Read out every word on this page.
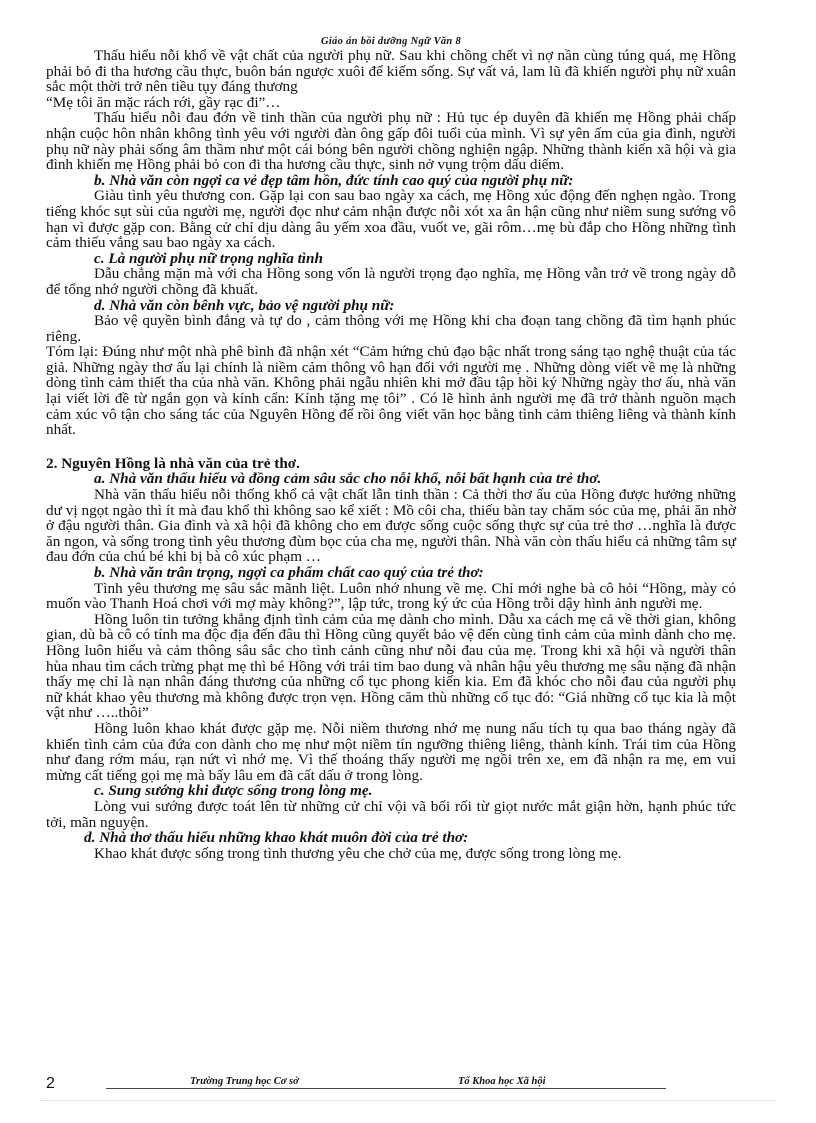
Giáo án bồi dưỡng Ngữ Văn 8

Thấu hiểu nỗi khổ về vật chất của người phụ nữ. Sau khi chồng chết vì nợ nần cùng túng quá, mẹ Hồng phải bỏ đi tha hương cầu thực, buôn bán ngược xuôi để kiếm sống. Sự vất vả, lam lũ đã khiến người phụ nữ xuân sắc một thời trở nên tiều tụy đáng thương

“Mẹ tôi ăn mặc rách rới, gầy rạc đi”…

Thấu hiểu nỗi đau đớn về tinh thần của người phụ nữ : Hủ tục ép duyên đã khiến mẹ Hồng phải chấp nhận cuộc hôn nhân không tình yêu với người đàn ông gấp đôi tuổi của mình. Vì sự yên ấm của gia đình, người phụ nữ này phải sống âm thầm như một cái bóng bên người chồng nghiện ngập. Những thành kiến xã hội và gia đình khiến mẹ Hồng phải bỏ con đi tha hương cầu thực, sinh nở vụng trộm dấu diếm.

b. Nhà văn còn ngợi ca vẻ đẹp tâm hồn, đức tính cao quý của người phụ nữ:

Giàu tình yêu thương con. Gặp lại con sau bao ngày xa cách, mẹ Hồng xúc động đến nghẹn ngào. Trong tiếng khóc sụt sùi của người mẹ, người đọc như cảm nhận được nỗi xót xa ân hận cũng như niềm sung sướng vô hạn vì được gặp con. Bằng cử chỉ dịu dàng âu yếm xoa đầu, vuốt ve, gãi rôm…mẹ bù đắp cho Hồng những tình cảm thiếu vắng sau bao ngày xa cách.

c. Là người phụ nữ trọng nghĩa tình

Dẫu chẳng mặn mà với cha Hồng song vốn là người trọng đạo nghĩa, mẹ Hồng vẫn trở về trong ngày dỗ để tổng nhớ người chồng đã khuất.

d. Nhà văn còn bênh vực, bảo vệ người phụ nữ:

Bảo vệ quyền bình đẳng và tự do , cảm thông với mẹ Hồng khi cha đoạn tang chồng đã tìm hạnh phúc riêng.

Tóm lại: Đúng như một nhà phê bình đã nhận xét “Cảm hứng chủ đạo bậc nhất trong sáng tạo nghệ thuật của tác giả. Những ngày thơ ấu lại chính là niềm cảm thông vô hạn đối với người mẹ . Những dòng viết về mẹ là những dòng tình cảm thiết tha của nhà văn. Không phải ngẫu nhiên khi mở đầu tập hồi ký Những ngày thơ ấu, nhà văn lại viết lời đề từ ngắn gọn và kính cẩn: Kính tặng mẹ tôi” . Có lẽ hình ảnh người mẹ đã trở thành nguồn mạch cảm xúc vô tận cho sáng tác của Nguyên Hồng để rồi ông viết văn học bằng tình cảm thiêng liêng và thành kính nhất.

2. Nguyên Hồng là nhà văn của trẻ thơ.

a. Nhà văn thấu hiểu và đồng cảm sâu sắc cho nỗi khổ, nỗi bất hạnh của trẻ thơ.

Nhà văn thấu hiểu nỗi thống khổ cả vật chất lẫn tinh thần : Cả thời thơ ấu của Hồng được hưởng những dư vị ngọt ngào thì ít mà đau khổ thì không sao kể xiết : Mồ côi cha, thiếu bàn tay chăm sóc của mẹ, phải ăn nhờ ở đậu người thân. Gia đình và xã hội đã không cho em được sống cuộc sống thực sự của trẻ thơ …nghĩa là được ăn ngon, và sống trong tình yêu thương đùm bọc của cha mẹ, người thân. Nhà văn còn thấu hiểu cả những tâm sự đau đớn của chú bé khi bị bà cô xúc phạm …

b. Nhà văn trân trọng, ngợi ca phẩm chất cao quý của trẻ thơ:

Tình yêu thương mẹ sâu sắc mãnh liệt. Luôn nhớ nhung về mẹ. Chỉ mới nghe bà cô hỏi “Hồng, mày có muốn vào Thanh Hoá chơi với mợ mày không?”, lập tức, trong ký ức của Hồng trỗi dậy hình ảnh người mẹ.

Hồng luôn tin tưởng khẳng định tình cảm của mẹ dành cho mình. Dẫu xa cách mẹ cả về thời gian, không gian, dù bà cô có tính ma độc địa đến đâu thì Hồng cũng quyết bảo vệ đến cùng tình cảm của mình dành cho mẹ. Hồng luôn hiểu và cảm thông sâu sắc cho tình cảnh cũng như nỗi đau của mẹ. Trong khi xã hội và người thân hùa nhau tìm cách trừng phạt mẹ thì bé Hồng với trái tim bao dung và nhân hậu yêu thương mẹ sâu nặng đã nhận thấy mẹ chỉ là nạn nhân đáng thương của những cổ tục phong kiến kia. Em đã khóc cho nỗi đau của người phụ nữ khát khao yêu thương mà không được trọn vẹn. Hồng căm thù những cổ tục đó: “Giá những cổ tục kia là một vật như …..thôi”

Hồng luôn khao khát được gặp mẹ. Nỗi niềm thương nhớ mẹ nung nấu tích tụ qua bao tháng ngày đã khiến tình cảm của đứa con dành cho mẹ như một niềm tín ngưỡng thiêng liêng, thành kính. Trái tim của Hồng như đang rớm máu, rạn nứt vì nhớ mẹ. Vì thế thoáng thấy người mẹ ngồi trên xe, em đã nhận ra mẹ, em vui mừng cất tiếng gọi mẹ mà bấy lâu em đã cất dấu ở trong lòng.

c. Sung sướng khi được sống trong lòng mẹ.

Lòng vui sướng được toát lên từ những cử chỉ vội vã bối rối từ giọt nước mắt giận hờn, hạnh phúc tức tởi, mãn nguyện.

d. Nhà thơ thấu hiểu những khao khát muôn đời của trẻ thơ:

Khao khát được sống trong tình thương yêu che chở của mẹ, được sống trong lòng mẹ.

2	Trường Trung học Cơ sở	Tổ Khoa học Xã hội
